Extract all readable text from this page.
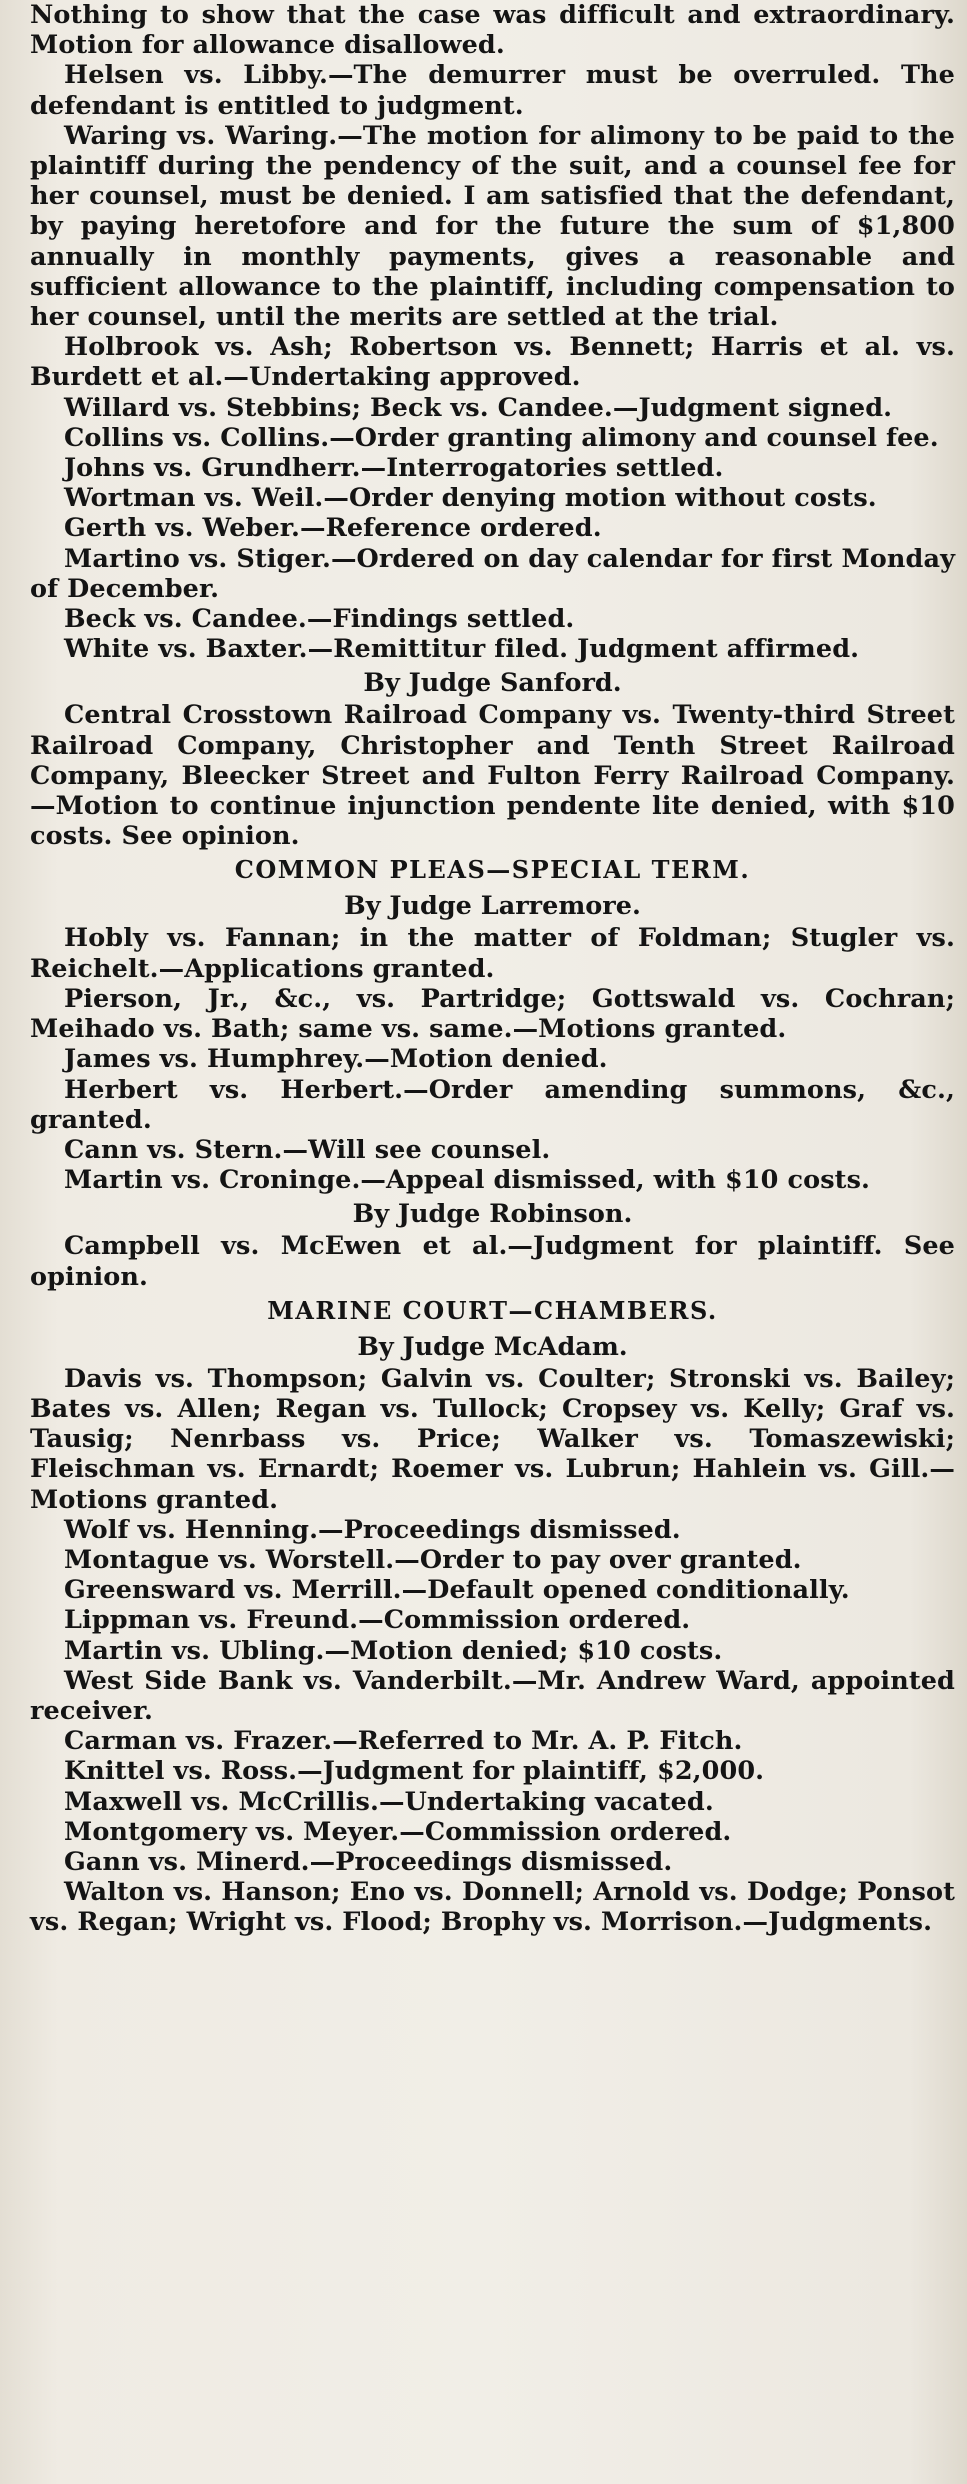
Nothing to show that the case was difficult and extraordinary. Motion for allowance disallowed.

Helsen vs. Libby.—The demurrer must be overruled. The defendant is entitled to judgment.

Waring vs. Waring.—The motion for alimony to be paid to the plaintiff during the pendency of the suit, and a counsel fee for her counsel, must be denied. I am satisfied that the defendant, by paying heretofore and for the future the sum of $1,800 annually in monthly payments, gives a reasonable and sufficient allowance to the plaintiff, including compensation to her counsel, until the merits are settled at the trial.

Holbrook vs. Ash; Robertson vs. Bennett; Harris et al. vs. Burdett et al.—Undertaking approved.

Willard vs. Stebbins; Beck vs. Candee.—Judgment signed.

Collins vs. Collins.—Order granting alimony and counsel fee.

Johns vs. Grundherr.—Interrogatories settled.

Wortman vs. Weil.—Order denying motion without costs.

Gerth vs. Weber.—Reference ordered.

Martino vs. Stiger.—Ordered on day calendar for first Monday of December.

Beck vs. Candee.—Findings settled.

White vs. Baxter.—Remittitur filed. Judgment affirmed.

By Judge Sanford.

Central Crosstown Railroad Company vs. Twenty-third Street Railroad Company, Christopher and Tenth Street Railroad Company, Bleecker Street and Fulton Ferry Railroad Company.—Motion to continue injunction pendente lite denied, with $10 costs. See opinion.

COMMON PLEAS—SPECIAL TERM.

By Judge Larremore.

Hobly vs. Fannan; in the matter of Foldman; Stugler vs. Reichelt.—Applications granted.

Pierson, Jr., &c., vs. Partridge; Gottswald vs. Cochran; Meihado vs. Bath; same vs. same.—Motions granted.

James vs. Humphrey.—Motion denied.

Herbert vs. Herbert.—Order amending summons, &c., granted.

Cann vs. Stern.—Will see counsel.

Martin vs. Croninge.—Appeal dismissed, with $10 costs.

By Judge Robinson.

Campbell vs. McEwen et al.—Judgment for plaintiff. See opinion.

MARINE COURT—CHAMBERS.

By Judge McAdam.

Davis vs. Thompson; Galvin vs. Coulter; Stronski vs. Bailey; Bates vs. Allen; Regan vs. Tullock; Cropsey vs. Kelly; Graf vs. Tausig; Nenrbass vs. Price; Walker vs. Tomaszewiski; Fleischman vs. Ernardt; Roemer vs. Lubrun; Hahlein vs. Gill.—Motions granted.

Wolf vs. Henning.—Proceedings dismissed.

Montague vs. Worstell.—Order to pay over granted.

Greensward vs. Merrill.—Default opened conditionally.

Lippman vs. Freund.—Commission ordered.

Martin vs. Ubling.—Motion denied; $10 costs.

West Side Bank vs. Vanderbilt.—Mr. Andrew Ward, appointed receiver.

Carman vs. Frazer.—Referred to Mr. A. P. Fitch.

Knittel vs. Ross.—Judgment for plaintiff, $2,000.

Maxwell vs. McCrillis.—Undertaking vacated.

Montgomery vs. Meyer.—Commission ordered.

Gann vs. Minerd.—Proceedings dismissed.

Walton vs. Hanson; Eno vs. Donnell; Arnold vs. Dodge; Ponsot vs. Regan; Wright vs. Flood; Brophy vs. Morrison.—Judgments.
